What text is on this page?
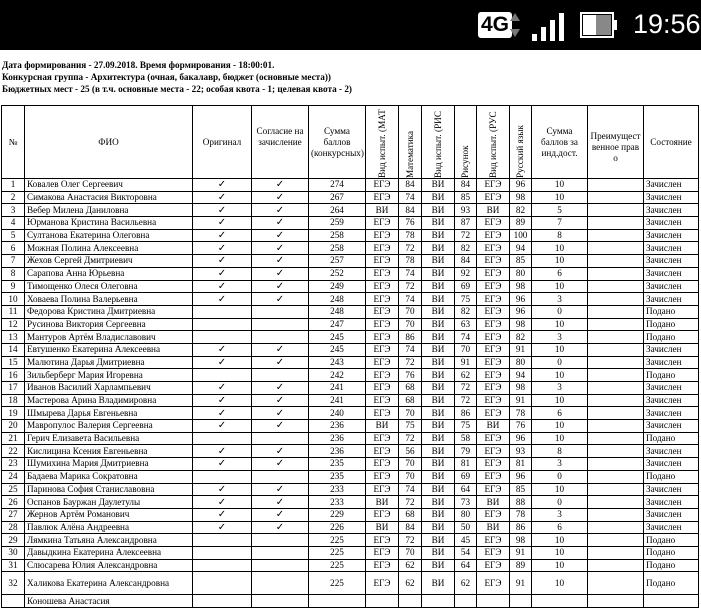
4G	19:56
Дата формирования - 27.09.2018. Время формирования - 18:00:01.
Конкурсная группа - Архитектура (очная, бакалавр, бюджет (основные места))
Бюджетных мест - 25 (в т.ч. основные места - 22; особая квота - 1; целевая квота - 2)
№	ФИО	Оригинал	Согласие на зачисление	Сумма баллов (конкурсных)	Вид испыт. (МАТ	Математика	Вид испыт. (РИС	Рисунок	Вид испыт. (РУС	Русский язык	Сумма баллов за инд.дост.	Преимущественное право	Состояние
1	Ковалев Олег Сергеевич	✓	✓	274	ЕГЭ	84	ВИ	84	ЕГЭ	96	10		Зачислен
2	Симакова Анастасия Викторовна	✓	✓	267	ЕГЭ	74	ВИ	85	ЕГЭ	98	10		Зачислен
3	Вебер Милена Даниловна	✓	✓	264	ВИ	84	ВИ	93	ВИ	82	5		Зачислен
4	Юрманова Кристина Васильевна	✓	✓	259	ЕГЭ	76	ВИ	87	ЕГЭ	89	7		Зачислен
5	Султанова Екатерина Олеговна	✓	✓	258	ЕГЭ	78	ВИ	72	ЕГЭ	100	8		Зачислен
6	Можная Полина Алексеевна	✓	✓	258	ЕГЭ	72	ВИ	82	ЕГЭ	94	10		Зачислен
7	Жехов Сергей Дмитриевич	✓	✓	257	ЕГЭ	78	ВИ	84	ЕГЭ	85	10		Зачислен
8	Сарапова Анна Юрьевна	✓	✓	252	ЕГЭ	74	ВИ	92	ЕГЭ	80	6		Зачислен
9	Тимощенко Олеся Олеговна	✓	✓	249	ЕГЭ	72	ВИ	69	ЕГЭ	98	10		Зачислен
10	Ховаева Полина Валерьевна	✓	✓	248	ЕГЭ	74	ВИ	75	ЕГЭ	96	3		Зачислен
11	Федорова Кристина Дмитриевна			248	ЕГЭ	70	ВИ	82	ЕГЭ	96	0		Подано
12	Русинова Виктория Сергеевна			247	ЕГЭ	70	ВИ	63	ЕГЭ	98	10		Подано
13	Мантуров Артём Владиславович			245	ЕГЭ	86	ВИ	74	ЕГЭ	82	3		Подано
14	Евтушенко Екатерина Алексеевна	✓	✓	245	ЕГЭ	74	ВИ	70	ЕГЭ	91	10		Зачислен
15	Малютина Дарья Дмитриевна	✓	✓	243	ЕГЭ	72	ВИ	91	ЕГЭ	80	0		Зачислен
16	Зильберберг Мария Игоревна			242	ЕГЭ	76	ВИ	62	ЕГЭ	94	10		Подано
17	Иванов Василий Харлампьевич	✓	✓	241	ЕГЭ	68	ВИ	72	ЕГЭ	98	3		Зачислен
18	Мастерова Арина Владимировна	✓	✓	241	ЕГЭ	68	ВИ	72	ЕГЭ	91	10		Зачислен
19	Шмырева Дарья Евгеньевна	✓	✓	240	ЕГЭ	70	ВИ	86	ЕГЭ	78	6		Зачислен
20	Мавропулос Валерия Сергеевна	✓	✓	236	ВИ	75	ВИ	75	ВИ	76	10		Зачислен
21	Герич Елизавета Васильевна			236	ЕГЭ	72	ВИ	58	ЕГЭ	96	10		Подано
22	Кислицина Ксения Евгеньевна	✓	✓	236	ЕГЭ	56	ВИ	79	ЕГЭ	93	8		Зачислен
23	Шумихина Мария Дмитриевна	✓	✓	235	ЕГЭ	70	ВИ	81	ЕГЭ	81	3		Зачислен
24	Бадаева Марика Сократовна			235	ЕГЭ	70	ВИ	69	ЕГЭ	96	0		Подано
25	Паринова София Станиславовна	✓	✓	233	ЕГЭ	74	ВИ	64	ЕГЭ	85	10		Зачислен
26	Оспанов Бауржан Даулетулы	✓	✓	233	ВИ	72	ВИ	73	ВИ	88	0		Зачислен
27	Жернов Артём Романович	✓	✓	229	ЕГЭ	68	ВИ	80	ЕГЭ	78	3		Зачислен
28	Павлюк Алёна Андреевна	✓	✓	226	ВИ	84	ВИ	50	ВИ	86	6		Зачислен
29	Лямкина Татьяна Александровна			225	ЕГЭ	72	ВИ	45	ЕГЭ	98	10		Подано
30	Давыдкина Екатерина Алексеевна			225	ЕГЭ	70	ВИ	54	ЕГЭ	91	10		Подано
31	Слюсарева Юлия Александровна			225	ЕГЭ	62	ВИ	64	ЕГЭ	89	10		Подано
32	Халикова Екатерина Александровна			225	ЕГЭ	62	ВИ	62	ЕГЭ	91	10		Подано
	Коношева Анастасия												
